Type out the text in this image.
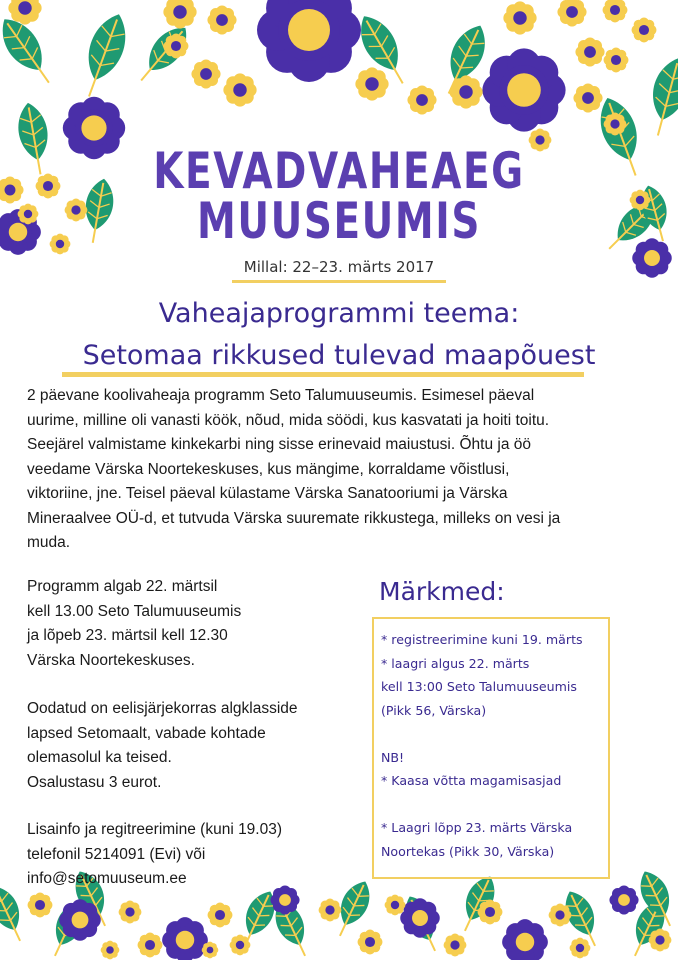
KEVADVAHEAEG
MUUSEUMIS
Millal: 22–23. märts 2017
Vaheajaprogrammi teema:
Setomaa rikkused tulevad maapõuest
2 päevane koolivaheaja programm Seto Talumuuseumis. Esimesel päeval
uurime, milline oli vanasti köök, nõud, mida söödi, kus kasvatati ja hoiti toitu.
Seejärel valmistame kinkekarbi ning sisse erinevaid maiustusi. Õhtu ja öö
veedame Värska Noortekeskuses, kus mängime, korraldame võistlusi,
viktoriine, jne. Teisel päeval külastame Värska Sanatooriumi ja Värska
Mineraalvee OÜ-d, et tutvuda Värska suuremate rikkustega, milleks on vesi ja
muda.
Programm algab 22. märtsil
kell 13.00 Seto Talumuuseumis
ja lõpeb 23. märtsil kell 12.30
Värska Noortekeskuses.
Oodatud on eelisjärjekorras algklasside
lapsed Setomaalt, vabade kohtade
olemasolul ka teised.
Osalustasu 3 eurot.
Lisainfo ja regitreerimine (kuni 19.03)
telefonil 5214091 (Evi) või
info@setomuuseum.ee
Märkmed:
* registreerimine kuni 19. märts
* laagri algus 22. märts
kell 13:00 Seto Talumuuseumis
(Pikk 56, Värska)
NB!
* Kaasa võtta magamisasjad
* Laagri lõpp 23. märts Värska
Noortekas (Pikk 30, Värska)
